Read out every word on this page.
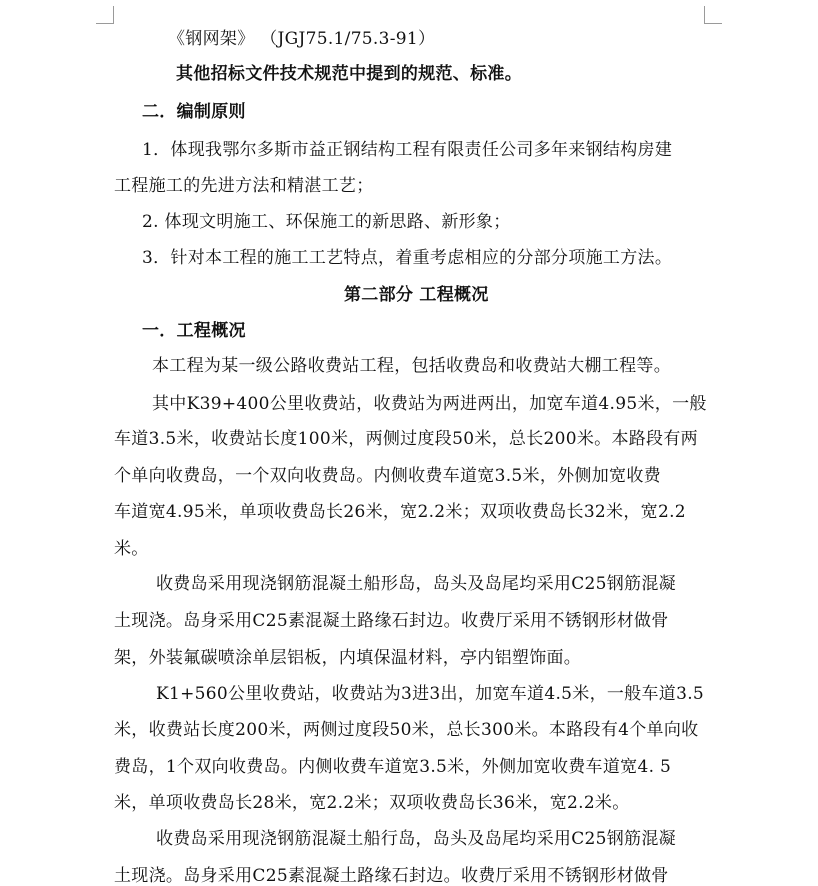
《钢网架》 （JGJ75.1/75.3-91）
其他招标文件技术规范中提到的规范、标准。
二．编制原则
1．体现我鄂尔多斯市益正钢结构工程有限责任公司多年来钢结构房建
工程施工的先进方法和精湛工艺；
2. 体现文明施工、环保施工的新思路、新形象；
3．针对本工程的施工工艺特点，着重考虑相应的分部分项施工方法。
第二部分 工程概况
一．工程概况
本工程为某一级公路收费站工程，包括收费岛和收费站大棚工程等。
其中K39+400公里收费站，收费站为两进两出，加宽车道4.95米，一般
车道3.5米，收费站长度100米，两侧过度段50米，总长200米。本路段有两
个单向收费岛，一个双向收费岛。内侧收费车道宽3.5米，外侧加宽收费
车道宽4.95米，单项收费岛长26米，宽2.2米；双项收费岛长32米，宽2.2
米。
收费岛采用现浇钢筋混凝土船形岛，岛头及岛尾均采用C25钢筋混凝
土现浇。岛身采用C25素混凝土路缘石封边。收费厅采用不锈钢形材做骨
架，外装氟碳喷涂单层铝板，内填保温材料，亭内铝塑饰面。
K1+560公里收费站，收费站为3进3出，加宽车道4.5米，一般车道3.5
米，收费站长度200米，两侧过度段50米，总长300米。本路段有4个单向收
费岛，1个双向收费岛。内侧收费车道宽3.5米，外侧加宽收费车道宽4. 5
米，单项收费岛长28米，宽2.2米；双项收费岛长36米，宽2.2米。
收费岛采用现浇钢筋混凝土船行岛，岛头及岛尾均采用C25钢筋混凝
土现浇。岛身采用C25素混凝土路缘石封边。收费厅采用不锈钢形材做骨
